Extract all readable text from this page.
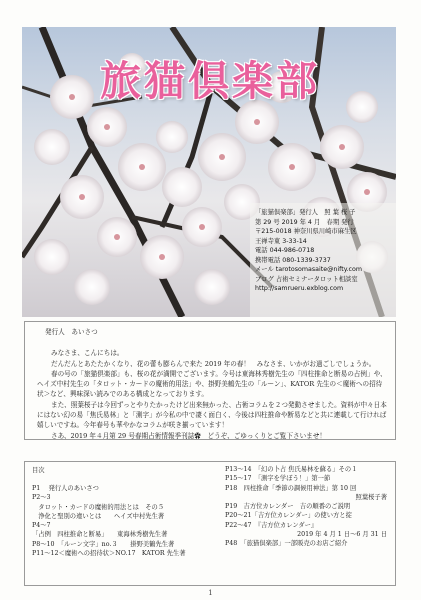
旅猫倶楽部
「旅猫倶楽部」発行人　照 葉 桜 子
第 29 号 2019 年 4 月　春期 発行
〒215-0018 神奈川県川崎市麻生区
王禅寺東 3-33-14
電話 044-986-0718
携帯電話 080-1339-3737
メール tarotosomasaite@nifty.com
ブログ 占術セミナータロット相談室
http://samrueru.exblog.com
発行人　あいさつ

みなさま、こんにちは。

だんだんとあたたかくなり、花の蕾も膨らんで来た 2019 年の春！　みなさま、いかがお過ごしでしょうか。

春の号の「旅猫倶楽部」も、桜の花が満開でございます。今号は東海林秀樹先生の「四柱推命と断易の占例」や、ヘイズ中村先生の「タロット・カードの魔術的用法」や、掛野美鶴先生の「ルーン」、KATOR 先生の＜魔術への招待状＞など、興味深い読みでのある構成となっております。

また、照葉桜子は今回ずっとやりたかったけど出来無かった、占術コラムを２つ発動させました。資料が中々日本にはない幻の易「焦氏易林」と「測字」が今私の中で凄く面白く、今後は四柱推命や断易などと共に連載して行ければ嬉しいですね。今年春号も華やかなコラムが咲き揃っています！

さあ、2019 年４月第 29 号春期占術情報季刊誌✿　どうぞ、ごゆっくりとご覧下さいませ！

目次
P1　 発行人のあいさつ
P2～3
　タロット・カードの魔術的用法とは　その５
　浄化と聖別の違いとは　　ヘイズ中村先生著
P4～7
「占例　四柱推命と断易」　　東海林秀樹先生著
P8～10　「ルーン文字」no.３　　掛野美鶴先生著
P11～12＜魔術への招待状＞NO.17　KATOR 先生著
P13～14　「幻の卜占 焦氏易林を蘇る」その１
P15～17　「測字を学ぼう！」第一節
P18　四柱推命「季節の調候用神法」第 10 回
照葉桜子著
P19　吉方位カレンダー　吉の順番のご説明
P20～21「吉方位カレンダー」の使い方と掟
P22～47　『吉方位カレンダー』
2019 年 4 月 1 日～6 月 31 日
P48　「旅猫倶楽部」一部販売のお店ご紹介
1
